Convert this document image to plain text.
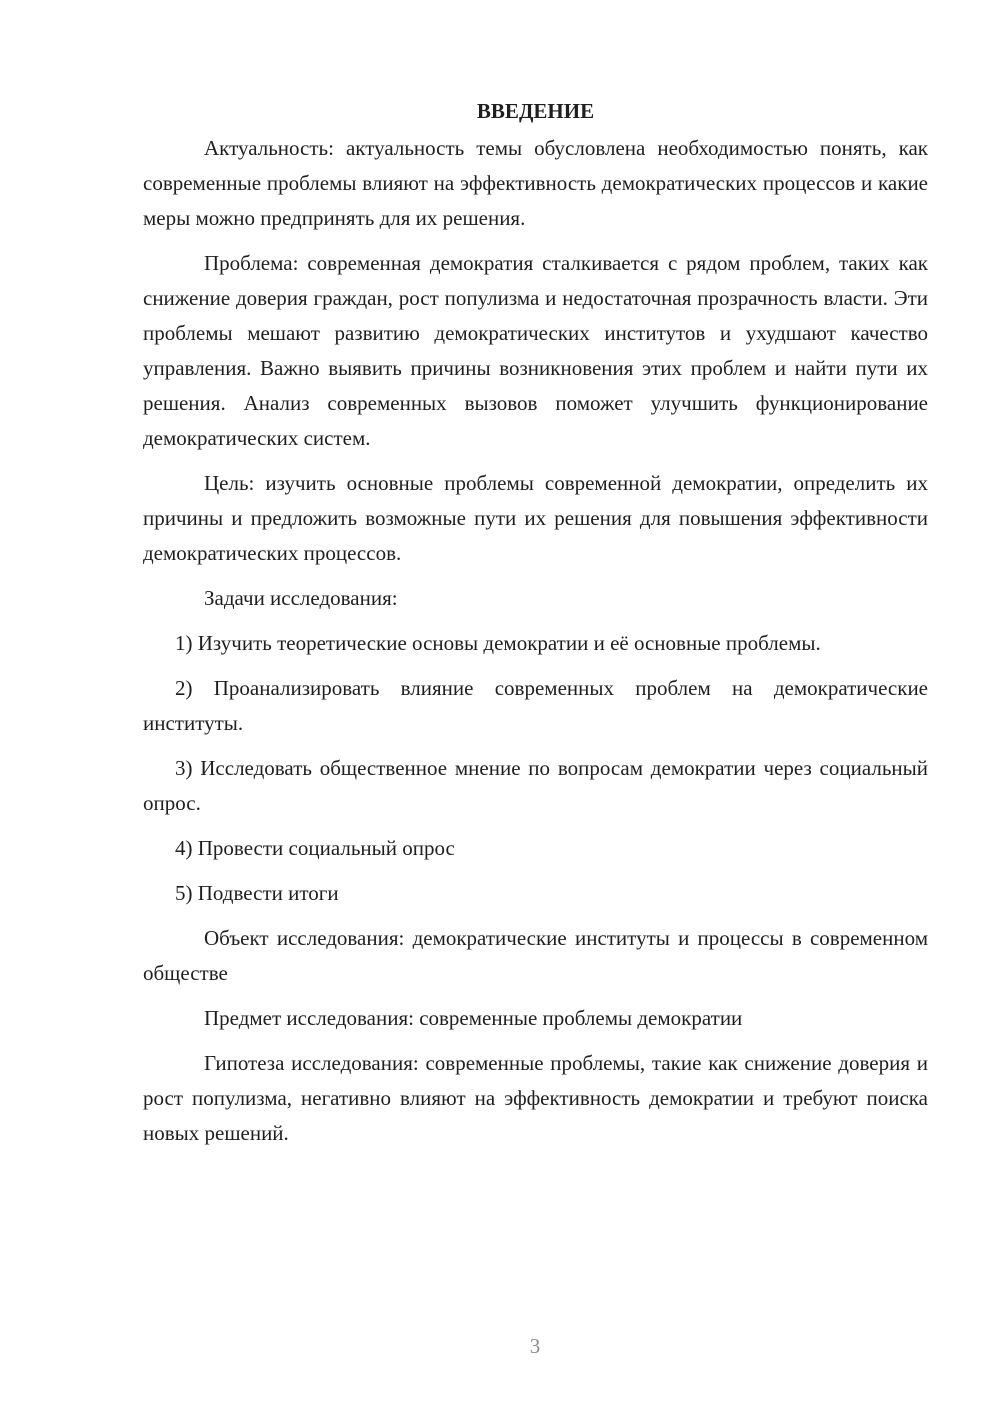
ВВЕДЕНИЕ

Актуальность: актуальность темы обусловлена необходимостью понять, как современные проблемы влияют на эффективность демократических процессов и какие меры можно предпринять для их решения.

Проблема: современная демократия сталкивается с рядом проблем, таких как снижение доверия граждан, рост популизма и недостаточная прозрачность власти. Эти проблемы мешают развитию демократических институтов и ухудшают качество управления. Важно выявить причины возникновения этих проблем и найти пути их решения. Анализ современных вызовов поможет улучшить функционирование демократических систем.

Цель: изучить основные проблемы современной демократии, определить их причины и предложить возможные пути их решения для повышения эффективности демократических процессов.

Задачи исследования:

1) Изучить теоретические основы демократии и её основные проблемы.

2) Проанализировать влияние современных проблем на демократические институты.

3) Исследовать общественное мнение по вопросам демократии через социальный опрос.

4) Провести социальный опрос

5) Подвести итоги

Объект исследования: демократические институты и процессы в современном обществе

Предмет исследования: современные проблемы демократии

Гипотеза исследования: современные проблемы, такие как снижение доверия и рост популизма, негативно влияют на эффективность демократии и требуют поиска новых решений.

3
